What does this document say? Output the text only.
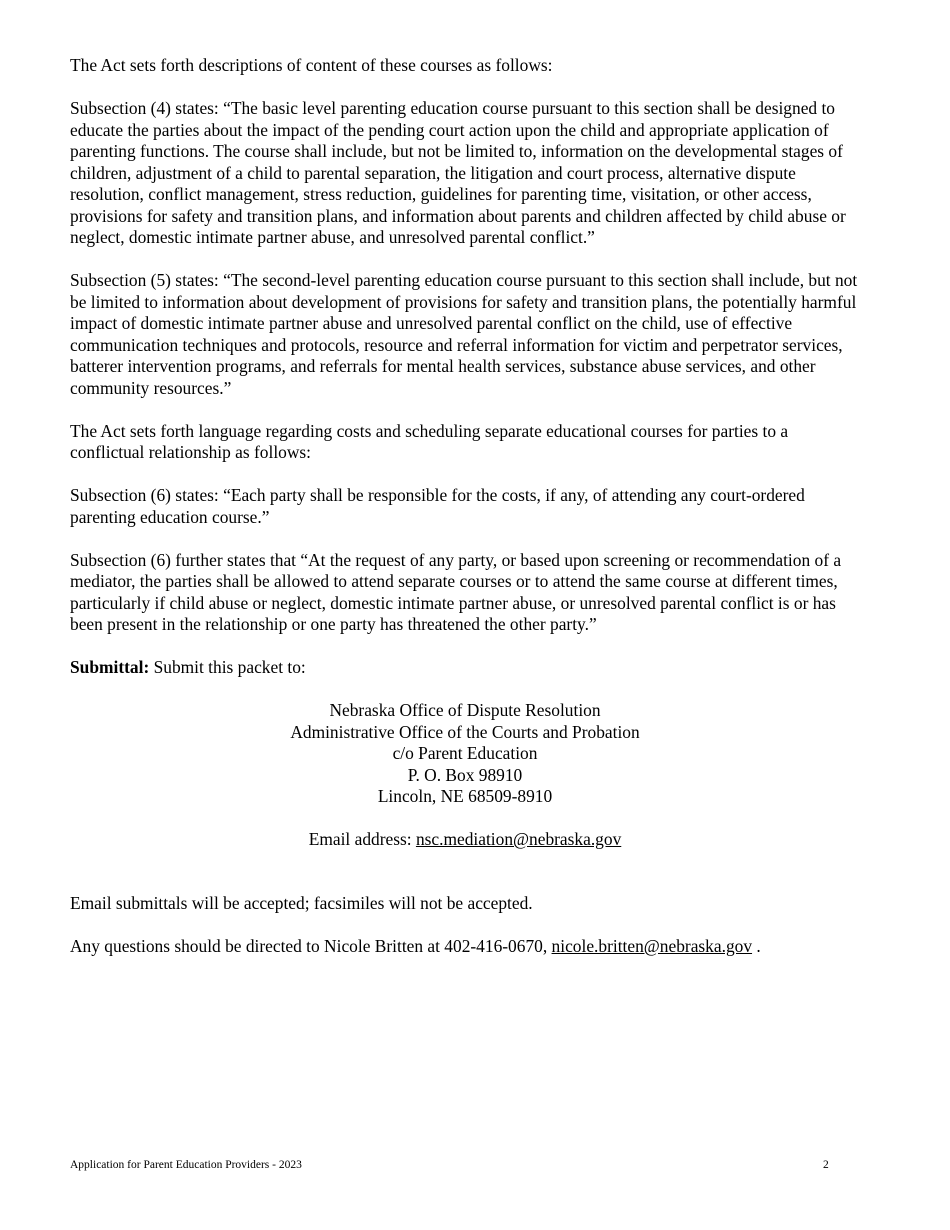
The Act sets forth descriptions of content of these courses as follows:

Subsection (4) states: “The basic level parenting education course pursuant to this section shall be designed to educate the parties about the impact of the pending court action upon the child and appropriate application of parenting functions. The course shall include, but not be limited to, information on the developmental stages of children, adjustment of a child to parental separation, the litigation and court process, alternative dispute resolution, conflict management, stress reduction, guidelines for parenting time, visitation, or other access, provisions for safety and transition plans, and information about parents and children affected by child abuse or neglect, domestic intimate partner abuse, and unresolved parental conflict.”

Subsection (5) states: “The second-level parenting education course pursuant to this section shall include, but not be limited to information about development of provisions for safety and transition plans, the potentially harmful impact of domestic intimate partner abuse and unresolved parental conflict on the child, use of effective communication techniques and protocols, resource and referral information for victim and perpetrator services, batterer intervention programs, and referrals for mental health services, substance abuse services, and other community resources.”

The Act sets forth language regarding costs and scheduling separate educational courses for parties to a conflictual relationship as follows:

Subsection (6) states: “Each party shall be responsible for the costs, if any, of attending any court-ordered parenting education course.”

Subsection (6) further states that “At the request of any party, or based upon screening or recommendation of a mediator, the parties shall be allowed to attend separate courses or to attend the same course at different times, particularly if child abuse or neglect, domestic intimate partner abuse, or unresolved parental conflict is or has been present in the relationship or one party has threatened the other party.”

Submittal: Submit this packet to:

Nebraska Office of Dispute Resolution
Administrative Office of the Courts and Probation
c/o Parent Education
P. O. Box 98910
Lincoln, NE 68509-8910

Email address: nsc.mediation@nebraska.gov

Email submittals will be accepted; facsimiles will not be accepted.

Any questions should be directed to Nicole Britten at 402-416-0670, nicole.britten@nebraska.gov .

Application for Parent Education Providers - 2023	2
